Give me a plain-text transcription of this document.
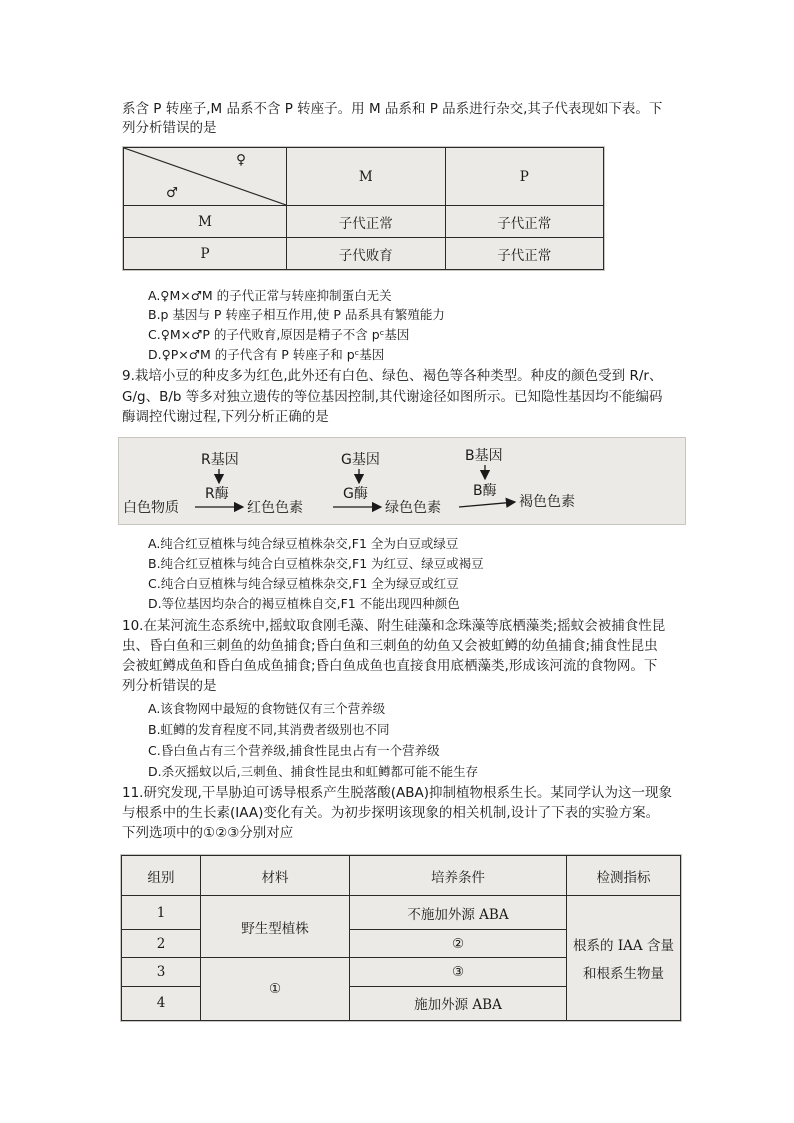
系含 P 转座子,M 品系不含 P 转座子。用 M 品系和 P 品系进行杂交,其子代表现如下表。下
列分析错误的是
♀
♂	M	P
M	子代正常	子代正常
P	子代败育	子代正常
A.♀M×♂M 的子代正常与转座抑制蛋白无关
B.p 基因与 P 转座子相互作用,使 P 品系具有繁殖能力
C.♀M×♂P 的子代败育,原因是精子不含 pᶜ基因
D.♀P×♂M 的子代含有 P 转座子和 pᶜ基因
9.栽培小豆的种皮多为红色,此外还有白色、绿色、褐色等各种类型。种皮的颜色受到 R/r、
G/g、B/b 等多对独立遗传的等位基因控制,其代谢途径如图所示。已知隐性基因均不能编码
酶调控代谢过程,下列分析正确的是
R基因	G基因	B基因
R酶	G酶	B酶
白色物质	红色色素	绿色色素	褐色色素
A.纯合红豆植株与纯合绿豆植株杂交,F1 全为白豆或绿豆
B.纯合红豆植株与纯合白豆植株杂交,F1 为红豆、绿豆或褐豆
C.纯合白豆植株与纯合绿豆植株杂交,F1 全为绿豆或红豆
D.等位基因均杂合的褐豆植株自交,F1 不能出现四种颜色
10.在某河流生态系统中,摇蚊取食刚毛藻、附生硅藻和念珠藻等底栖藻类;摇蚊会被捕食性昆
虫、昏白鱼和三刺鱼的幼鱼捕食;昏白鱼和三刺鱼的幼鱼又会被虹鳟的幼鱼捕食;捕食性昆虫
会被虹鳟成鱼和昏白鱼成鱼捕食;昏白鱼成鱼也直接食用底栖藻类,形成该河流的食物网。下
列分析错误的是
A.该食物网中最短的食物链仅有三个营养级
B.虹鳟的发育程度不同,其消费者级别也不同
C.昏白鱼占有三个营养级,捕食性昆虫占有一个营养级
D.杀灭摇蚊以后,三刺鱼、捕食性昆虫和虹鳟都可能不能生存
11.研究发现,干旱胁迫可诱导根系产生脱落酸(ABA)抑制植物根系生长。某同学认为这一现象
与根系中的生长素(IAA)变化有关。为初步探明该现象的相关机制,设计了下表的实验方案。
下列选项中的①②③分别对应
组别	材料	培养条件	检测指标
1	野生型植株	不施加外源 ABA	根系的 IAA 含量
和根系生物量

2		②	
3	①	③	
4		施加外源 ABA	
